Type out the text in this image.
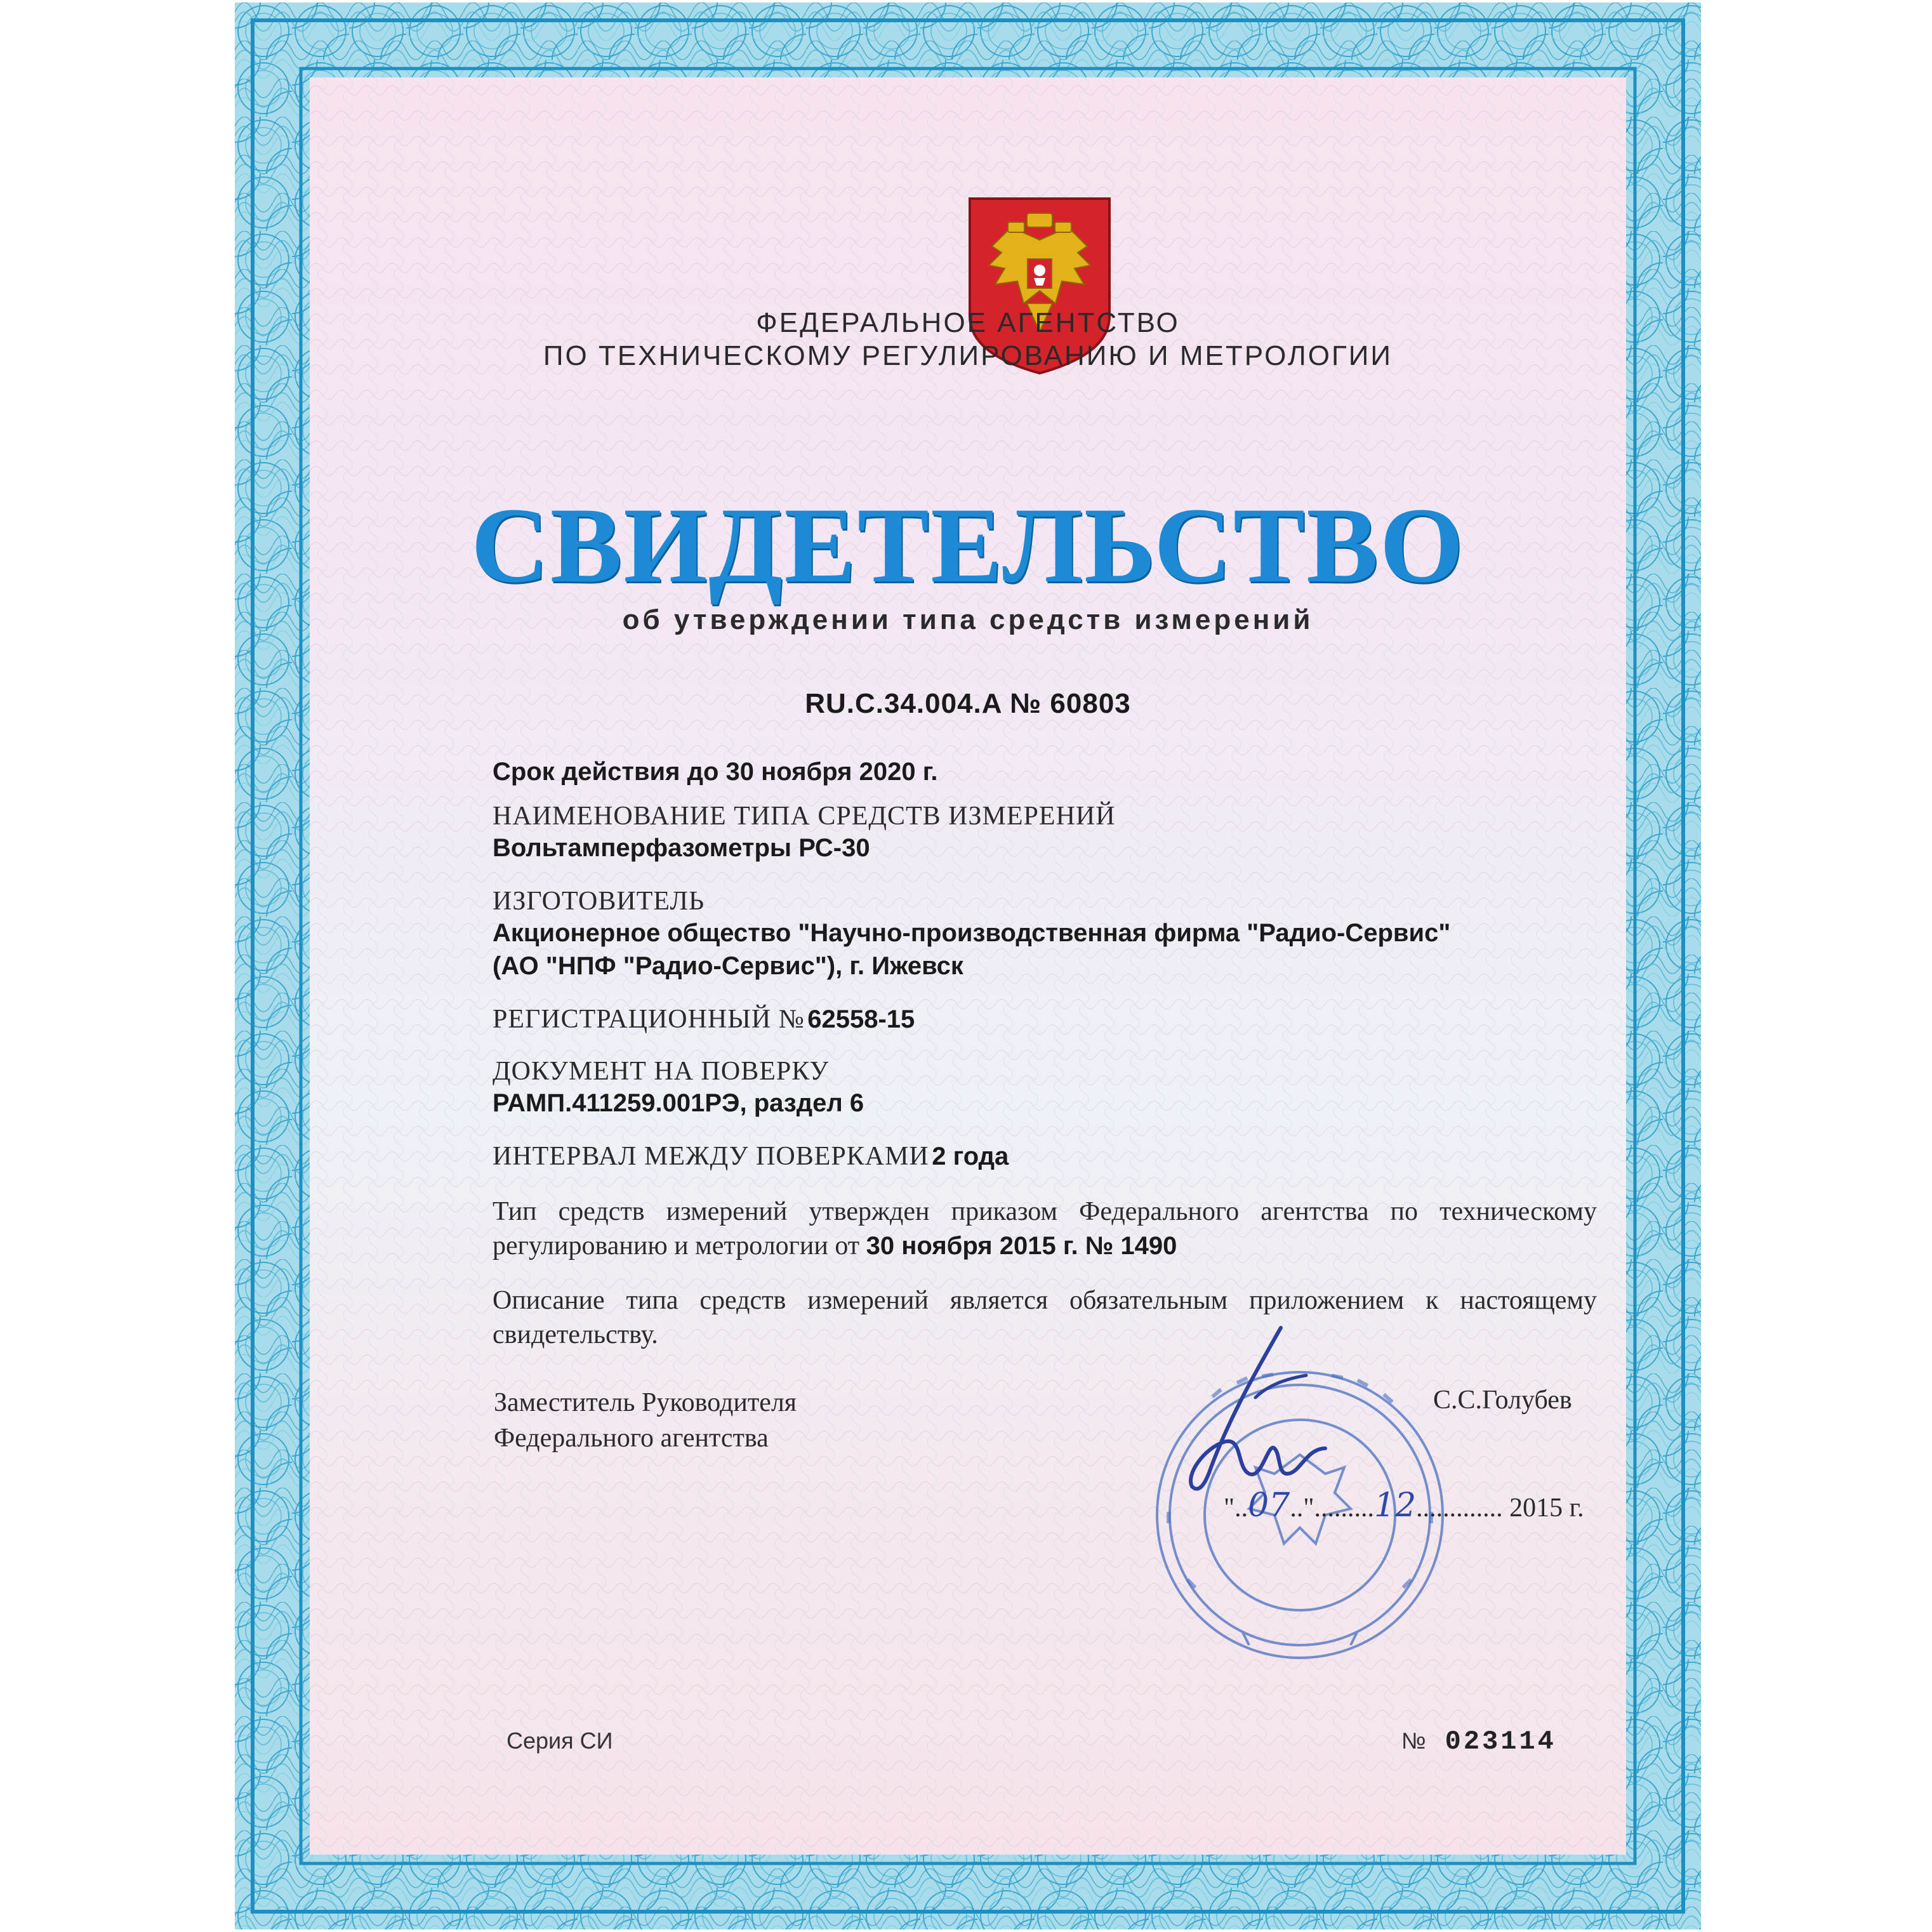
ФЕДЕРАЛЬНОЕ АГЕНТСТВО
ПО ТЕХНИЧЕСКОМУ РЕГУЛИРОВАНИЮ И МЕТРОЛОГИИ
СВИДЕТЕЛЬСТВО
об утверждении типа средств измерений
RU.C.34.004.A № 60803
Срок действия до 30 ноября 2020 г.
НАИМЕНОВАНИЕ ТИПА СРЕДСТВ ИЗМЕРЕНИЙ
Вольтамперфазометры РС-30
ИЗГОТОВИТЕЛЬ
Акционерное общество "Научно-производственная фирма "Радио-Сервис"
(АО "НПФ "Радио-Сервис"), г. Ижевск
РЕГИСТРАЦИОННЫЙ № 62558-15
ДОКУМЕНТ НА ПОВЕРКУ
РАМП.411259.001РЭ, раздел 6
ИНТЕРВАЛ МЕЖДУ ПОВЕРКАМИ 2 года
Тип средств измерений утвержден приказом Федерального агентства по техническому регулированию и метрологии от 30 ноября 2015 г. № 1490
Описание типа средств измерений является обязательным приложением к настоящему свидетельству.
Заместитель Руководителя
Федерального агентства
С.С.Голубев
"..07..".........12............. 2015 г.
Серия СИ	№ 023114
